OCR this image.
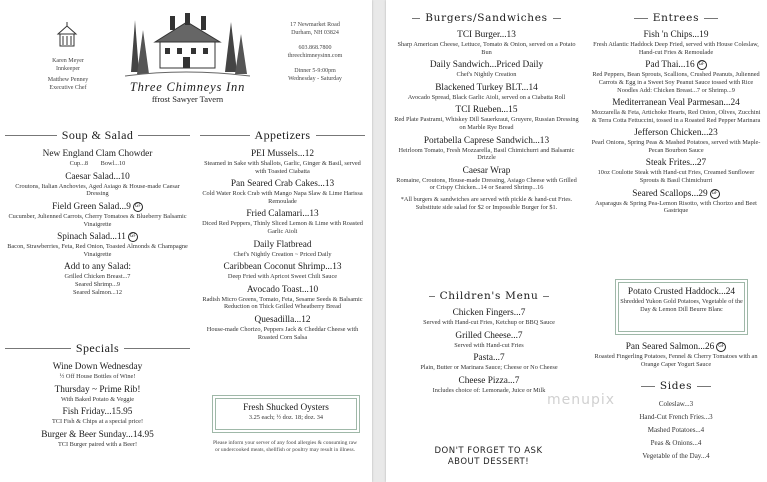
Karen Meyer
Innkeeper
Matthew Penney
Executive Chef	Three Chimneys Inn
ffrost Sawyer Tavern
17 Newmarket Road
Durham, NH 03824
603.868.7800
threechimneysinn.com
Dinner 5-9:00pm
Wednesday - Saturday
Soup & Salad
New England Clam Chowder
Cup...8        Bowl...10
Caesar Salad...10
Croutons, Italian Anchovies, Aged Asiago & House-made Caesar Dressing
Field Green Salad...9 GF
Cucumber, Julienned Carrots, Cherry Tomatoes & Blueberry Balsamic Vinaigrette
Spinach Salad...11 GF
Bacon, Strawberries, Feta, Red Onion, Toasted Almonds & Champagne Vinaigrette
Add to any Salad:
Grilled Chicken Breast...7
Seared Shrimp...9
Seared Salmon...12
Specials
Wine Down Wednesday
½ Off House Bottles of Wine!
Thursday ~ Prime Rib!
With Baked Potato & Veggie
Fish Friday...15.95
TCI Fish & Chips at a special price!
Burger & Beer Sunday...14.95
TCI Burger paired with a Beer!
Appetizers
PEI Mussels...12
Steamed in Sake with Shallots, Garlic, Ginger & Basil, served with Toasted Ciabatta
Pan Seared Crab Cakes...13
Cold Water Rock Crab with Mango Napa Slaw & Lime Harissa Remoulade
Fried Calamari...13
Diced Red Peppers, Thinly Sliced Lemon & Lime with Roasted Garlic Aioli
Daily Flatbread
Chef's Nightly Creation ~ Priced Daily
Caribbean Coconut Shrimp...13
Deep Fried with Apricot Sweet Chili Sauce
Avocado Toast...10
Radish Micro Greens, Tomato, Feta, Sesame Seeds & Balsamic Reduction on Thick Grilled Wheatberry Bread
Quesadilla...12
House-made Chorizo, Peppers Jack & Cheddar Cheese with Roasted Corn Salsa
Fresh Shucked Oysters
3.25 each; ½ doz. 18; doz. 34
Please inform your server of any food allergies & consuming raw or undercooked meats, shellfish or poultry may result in illness.
Burgers/Sandwiches
TCI Burger...13
Sharp American Cheese, Lettuce, Tomato & Onion, served on a Potato Bun
Daily Sandwich...Priced Daily
Chef's Nightly Creation
Blackened Turkey BLT...14
Avocado Spread, Black Garlic Aioli, served on a Ciabatta Roll
TCI Rueben...15
Red Plate Pastrami, Whiskey Dill Sauerkraut, Gruyere, Russian Dressing on Marble Rye Bread
Portabella Caprese Sandwich...13
Heirloom Tomato, Fresh Mozzarella, Basil Chimichurri and Balsamic Drizzle
Caesar Wrap
Romaine, Croutons, House-made Dressing, Asiago Cheese with Grilled or Crispy Chicken...14 or Seared Shrimp...16
*All burgers & sandwiches are served with pickle & hand-cut Fries. Substitute side salad for $2 or Impossible Burger for $1.
Children's Menu
Chicken Fingers...7
Served with Hand-cut Fries, Ketchup or BBQ Sauce
Grilled Cheese...7
Served with Hand-cut Fries
Pasta...7
Plain, Butter or Marinara Sauce; Cheese or No Cheese
Cheese Pizza...7
Includes choice of: Lemonade, Juice or Milk
DON'T FORGET TO ASK ABOUT DESSERT!
Entrees
Fish 'n Chips...19
Fresh Atlantic Haddock Deep Fried, served with House Coleslaw, Hand-cut Fries & Remoulade
Pad Thai...16 GF
Red Peppers, Bean Sprouts, Scallions, Crushed Peanuts, Julienned Carrots & Egg in a Sweet Soy Peanut Sauce tossed with Rice Noodles Add: Chicken Breast...7 or Shrimp...9
Mediterranean Veal Parmesan...24
Mozzarella & Feta, Artichoke Hearts, Red Onion, Olives, Zucchini & Terra Cotta Fettuccini, tossed in a Roasted Red Pepper Marinara
Jefferson Chicken...23
Pearl Onions, Spring Peas & Mashed Potatoes, served with Maple-Pecan Bourbon Sauce
Steak Frites...27
10oz Coulotte Steak with Hand-cut Fries, Creamed Sunflower Sprouts & Basil Chimichurri
Seared Scallops...29 GF
Asparagus & Spring Pea-Lemon Risotto, with Chorizo and Beet Gastrique
Potato Crusted Haddock...24
Shredded Yukon Gold Potatoes, Vegetable of the Day & Lemon Dill Beurre Blanc
Pan Seared Salmon...26 GF
Roasted Fingerling Potatoes, Fennel & Cherry Tomatoes with an Orange Caper Yogurt Sauce
Sides
Coleslaw...3
Hand-Cut French Fries...3
Mashed Potatoes...4
Peas & Onions...4
Vegetable of the Day...4
menupix
